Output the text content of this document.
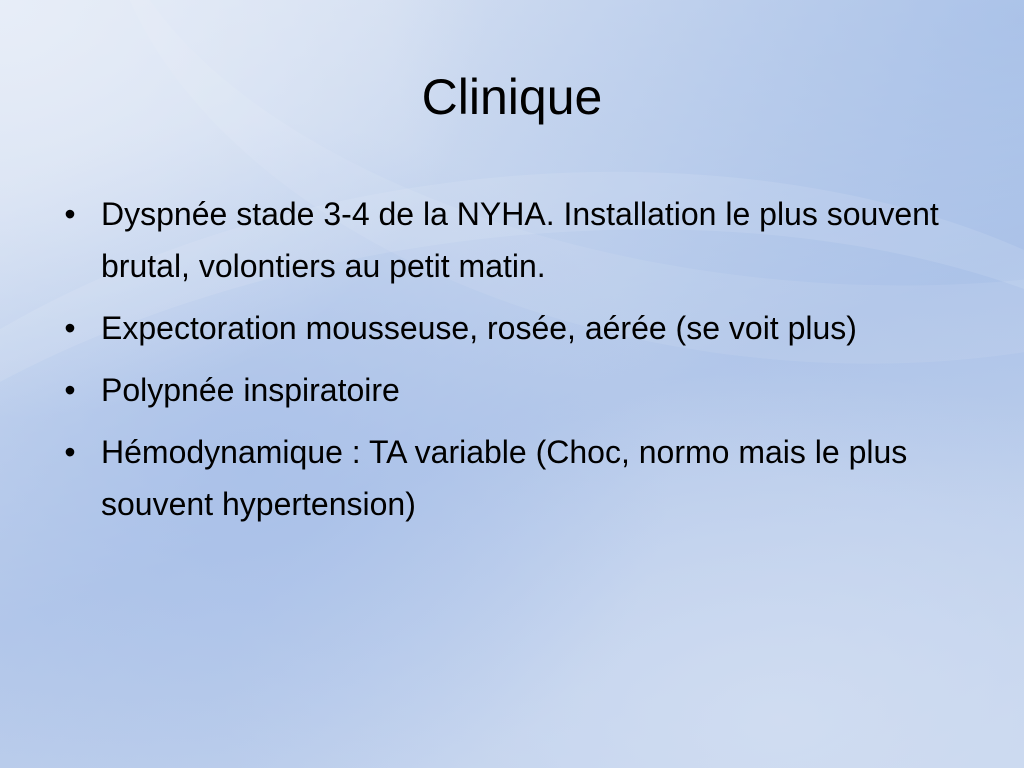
Clinique
• Dyspnée stade 3-4 de la NYHA. Installation le plus souvent brutal, volontiers au petit matin.
• Expectoration mousseuse, rosée, aérée (se voit plus)
• Polypnée inspiratoire
• Hémodynamique : TA variable (Choc, normo mais le plus souvent hypertension)
